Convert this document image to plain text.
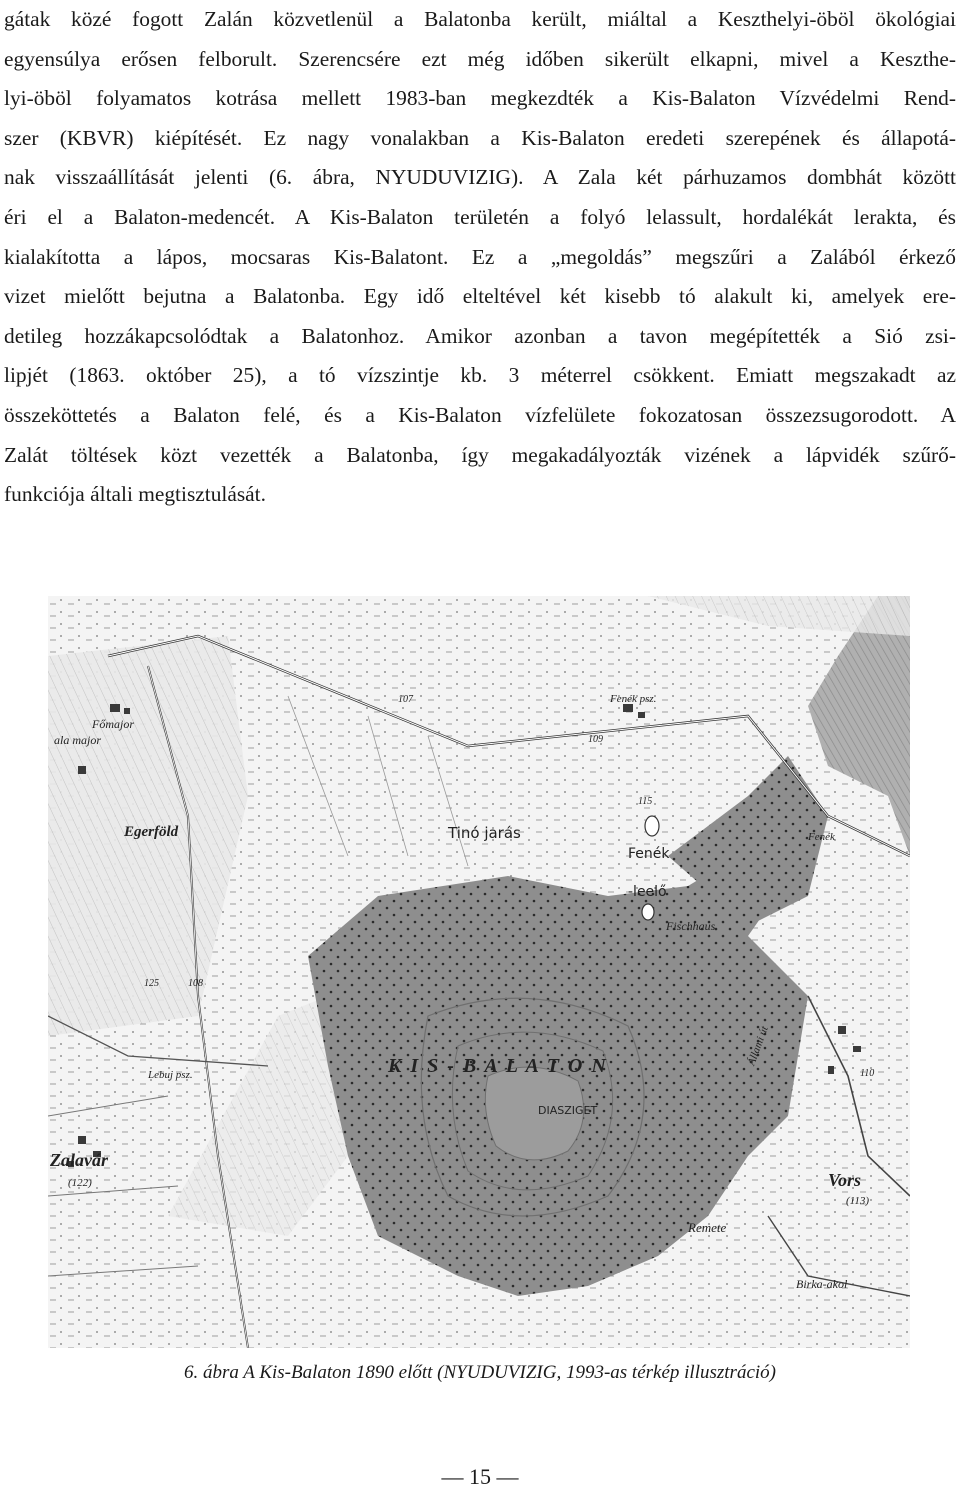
gátak közé fogott Zalán közvetlenül a Balatonba került, miáltal a Keszthelyi-öböl ökológiai
egyensúlya erősen felborult. Szerencsére ezt még időben sikerült elkapni, mivel a Keszthe-
lyi-öböl folyamatos kotrása mellett 1983-ban megkezdték a Kis-Balaton Vízvédelmi Rend-
szer (KBVR) kiépítését. Ez nagy vonalakban a Kis-Balaton eredeti szerepének és állapotá-
nak visszaállítását jelenti (6. ábra, NYUDUVIZIG). A Zala két párhuzamos dombhát között
éri el a Balaton-medencét. A Kis-Balaton területén a folyó lelassult, hordalékát lerakta, és
kialakította a lápos, mocsaras Kis-Balatont. Ez a „megoldás” megszűri a Zalából érkező
vizet mielőtt bejutna a Balatonba. Egy idő elteltével két kisebb tó alakult ki, amelyek ere-
detileg hozzákapcsolódtak a Balatonhoz. Amikor azonban a tavon megépítették a Sió zsi-
lipjét (1863. október 25), a tó vízszintje kb. 3 méterrel csökkent. Emiatt megszakadt az
összeköttetés a Balaton felé, és a Kis-Balaton vízfelülete fokozatosan összezsugorodott. A
Zalát töltések közt vezették a Balatonba, így megakadályozták vizének a lápvidék szűrő-
funkciója általi megtisztulását.
K I S - B A L A T O N
Tinó jarás
Fenék
-leelő
Fischhaus
DIASZIGET
Remete
Vors
(113)
Birka-akol
Zalavár
(122)
Egerföld
Főmajor
ala major
Lebuj psz.
Fenék psz.
Fenék
107
109
115
110
125	108
Állami út
6. ábra A Kis-Balaton 1890 előtt (NYUDUVIZIG, 1993-as térkép illusztráció)
— 15 —
